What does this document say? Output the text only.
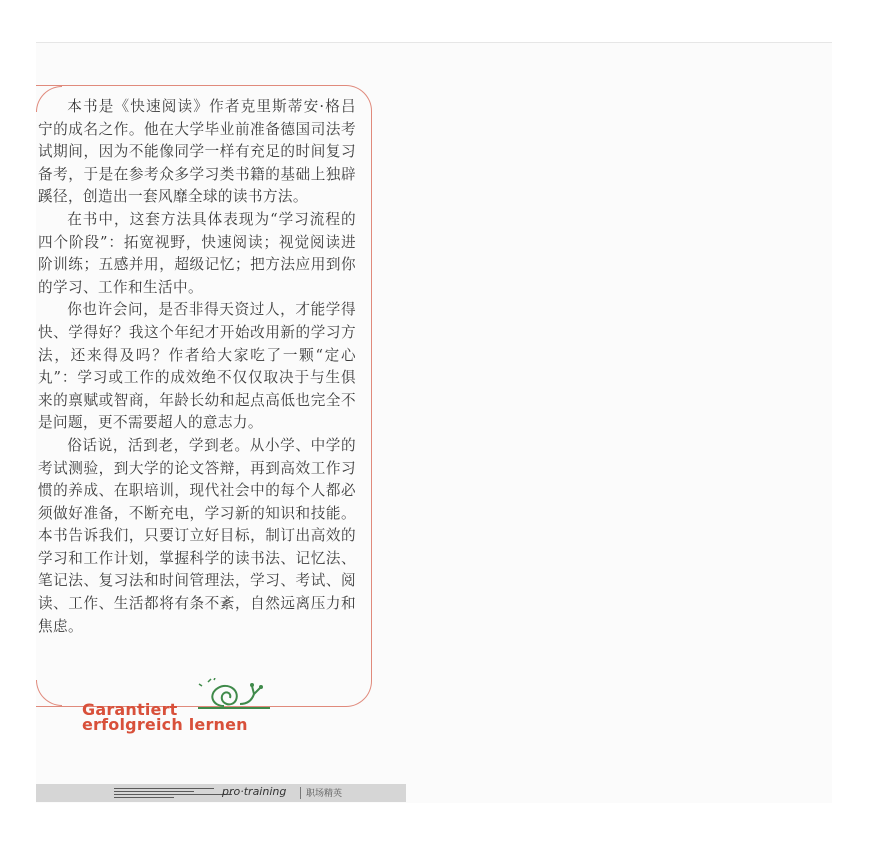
本书是《快速阅读》作者克里斯蒂安·格吕宁的成名之作。他在大学毕业前准备德国司法考试期间，因为不能像同学一样有充足的时间复习备考，于是在参考众多学习类书籍的基础上独辟蹊径，创造出一套风靡全球的读书方法。

在书中，这套方法具体表现为“学习流程的四个阶段”：拓宽视野，快速阅读；视觉阅读进阶训练；五感并用，超级记忆；把方法应用到你的学习、工作和生活中。

你也许会问，是否非得天资过人，才能学得快、学得好？我这个年纪才开始改用新的学习方法，还来得及吗？作者给大家吃了一颗“定心丸”：学习或工作的成效绝不仅仅取决于与生俱来的禀赋或智商，年龄长幼和起点高低也完全不是问题，更不需要超人的意志力。

俗话说，活到老，学到老。从小学、中学的考试测验，到大学的论文答辩，再到高效工作习惯的养成、在职培训，现代社会中的每个人都必须做好准备，不断充电，学习新的知识和技能。本书告诉我们，只要订立好目标，制订出高效的学习和工作计划，掌握科学的读书法、记忆法、笔记法、复习法和时间管理法，学习、考试、阅读、工作、生活都将有条不紊，自然远离压力和焦虑。

Garantiert
erfolgreich lernen
pro·training 职场精英
